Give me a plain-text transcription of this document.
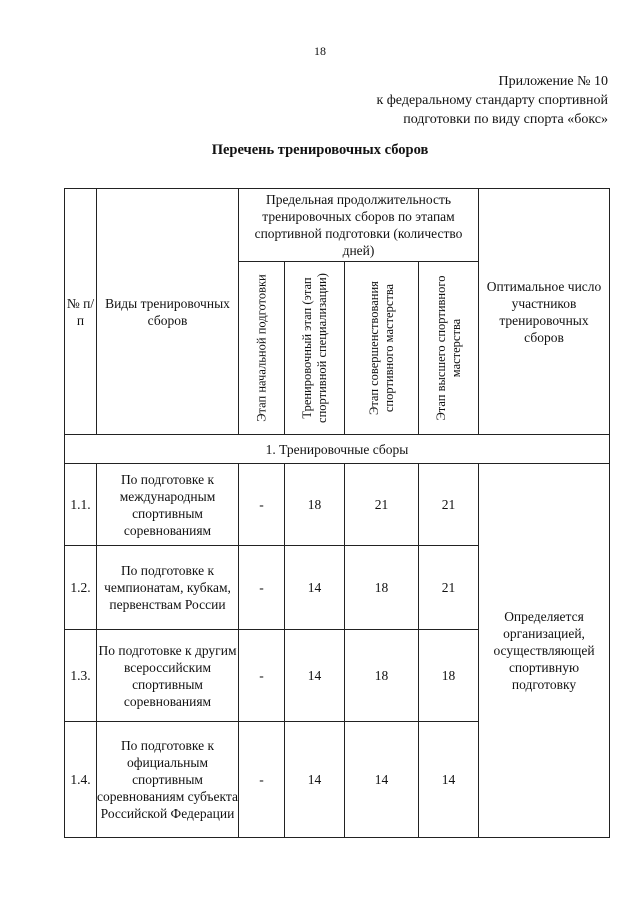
18
Приложение № 10
к федеральному стандарту спортивной
подготовки по виду спорта «бокс»
Перечень тренировочных сборов
№ п/п	Виды тренировочных сборов	Предельная продолжительность тренировочных сборов по этапам спортивной подготовки (количество дней)				Оптимальное число участников тренировочных сборов

		Этап начальной подготовки	Тренировочный этап (этап спортивной специализации)	Этап совершенствования спортивного мастерства	Этап высшего спортивного мастерства	

1. Тренировочные сборы						
1.1.	По подготовке к международным спортивным соревнованиям	-	18	21	21	Определяется организацией, осуществляющей спортивную подготовку
1.2.	По подготовке к чемпионатам, кубкам, первенствам России	-	14	18	21	
1.3.	По подготовке к другим всероссийским спортивным соревнованиям	-	14	18	18	
1.4.	По подготовке к официальным спортивным соревнованиям субъекта Российской Федерации	-	14	14	14	
